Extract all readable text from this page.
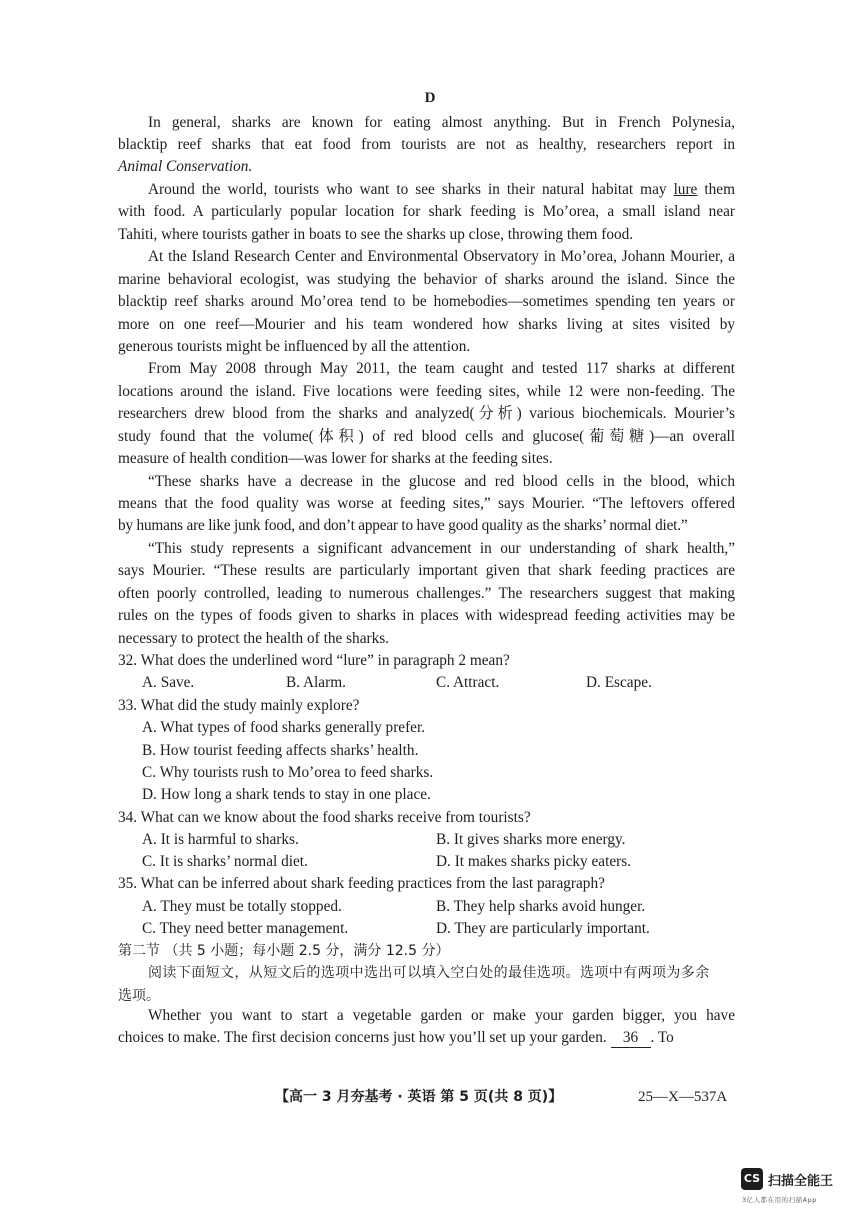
D
In general, sharks are known for eating almost anything. But in French Polynesia,
blacktip reef sharks that eat food from tourists are not as healthy, researchers report in
Animal Conservation.
Around the world, tourists who want to see sharks in their natural habitat may lure them
with food. A particularly popular location for shark feeding is Mo’orea, a small island near
Tahiti, where tourists gather in boats to see the sharks up close, throwing them food.
At the Island Research Center and Environmental Observatory in Mo’orea, Johann Mourier, a
marine behavioral ecologist, was studying the behavior of sharks around the island. Since the
blacktip reef sharks around Mo’orea tend to be homebodies—sometimes spending ten years or
more on one reef—Mourier and his team wondered how sharks living at sites visited by
generous tourists might be influenced by all the attention.
From May 2008 through May 2011, the team caught and tested 117 sharks at different
locations around the island. Five locations were feeding sites, while 12 were non-feeding. The
researchers drew blood from the sharks and analyzed(分析) various biochemicals. Mourier’s
study found that the volume(体积) of red blood cells and glucose(葡萄糖)—an overall
measure of health condition—was lower for sharks at the feeding sites.
“These sharks have a decrease in the glucose and red blood cells in the blood, which
means that the food quality was worse at feeding sites,” says Mourier. “The leftovers offered
by humans are like junk food, and don’t appear to have good quality as the sharks’ normal diet.”
“This study represents a significant advancement in our understanding of shark health,”
says Mourier. “These results are particularly important given that shark feeding practices are
often poorly controlled, leading to numerous challenges.” The researchers suggest that making
rules on the types of foods given to sharks in places with widespread feeding activities may be
necessary to protect the health of the sharks.
32. What does the underlined word “lure” in paragraph 2 mean?
A. Save.	B. Alarm.	C. Attract.	D. Escape.
33. What did the study mainly explore?
A. What types of food sharks generally prefer.
B. How tourist feeding affects sharks’ health.
C. Why tourists rush to Mo’orea to feed sharks.
D. How long a shark tends to stay in one place.
34. What can we know about the food sharks receive from tourists?
A. It is harmful to sharks.	B. It gives sharks more energy.
C. It is sharks’ normal diet.	D. It makes sharks picky eaters.
35. What can be inferred about shark feeding practices from the last paragraph?
A. They must be totally stopped.	B. They help sharks avoid hunger.
C. They need better management.	D. They are particularly important.
第二节 （共 5 小题；每小题 2.5 分，满分 12.5 分）
阅读下面短文，从短文后的选项中选出可以填入空白处的最佳选项。选项中有两项为多余
选项。
Whether you want to start a vegetable garden or make your garden bigger, you have
choices to make. The first decision concerns just how you’ll set up your garden. 36 . To
【高一 3 月夯基考 · 英语 第 5 页(共 8 页)】	25—X—537A
CS 扫描全能王
3亿人都在用的扫描App
